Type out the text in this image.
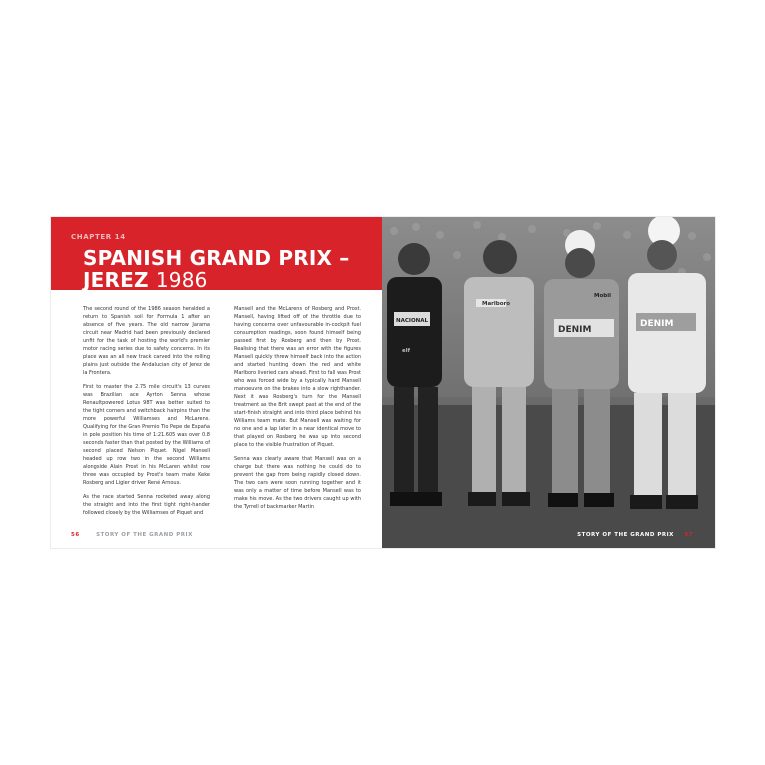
CHAPTER 14
SPANISH GRAND PRIX –
JEREZ 1986

The second round of the 1986 season heralded a return to Spanish soil for Formula 1 after an absence of five years. The old narrow Jarama circuit near Madrid had been previously declared unfit for the task of hosting the world's premier motor racing series due to safety concerns. In its place was an all new track carved into the rolling plains just outside the Andalucian city of Jerez de la Frontera.

First to master the 2.75 mile circuit's 13 curves was Brazilian ace Ayrton Senna whose Renaultpowered Lotus 98T was better suited to the tight corners and switchback hairpins than the more powerful Williamses and McLarens. Qualifying for the Gran Premio Tio Pepe de España in pole position his time of 1:21.605 was over 0.8 seconds faster than that posted by the Williams of second placed Nelson Piquet. Nigel Mansell headed up row two in the second Williams alongside Alain Prost in his McLaren whilst row three was occupied by Prost's team mate Keke Rosberg and Ligier driver René Arnoux.

As the race started Senna rocketed away along the straight and into the first tight right-hander followed closely by the Williamses of Piquet and

Mansell and the McLarens of Rosberg and Prost. Mansell, having lifted off of the throttle due to having concerns over unfavourable in-cockpit fuel consumption readings, soon found himself being passed first by Rosberg and then by Prost. Realising that there was an error with the figures Mansell quickly threw himself back into the action and started hunting down the red and white Marlboro liveried cars ahead. First to fall was Prost who was forced wide by a typically hard Mansell manoeuvre on the brakes into a slow righthander. Next it was Rosberg's turn for the Mansell treatment as the Brit swept past at the end of the start-finish straight and into third place behind his Williams team mate. But Mansell was waiting for no one and a lap later in a near identical move to that played on Rosberg he was up into second place to the visible frustration of Piquet.

Senna was clearly aware that Mansell was on a charge but there was nothing he could do to prevent the gap from being rapidly closed down. The two cars were soon running together and it was only a matter of time before Mansell was to make his move. As the two drivers caught up with the Tyrrell of backmarker Martin

56	STORY OF THE GRAND PRIX
Marlboro
DENIM
Mobil
DENIM
NACIONAL
elf
STORY OF THE GRAND PRIX 57
